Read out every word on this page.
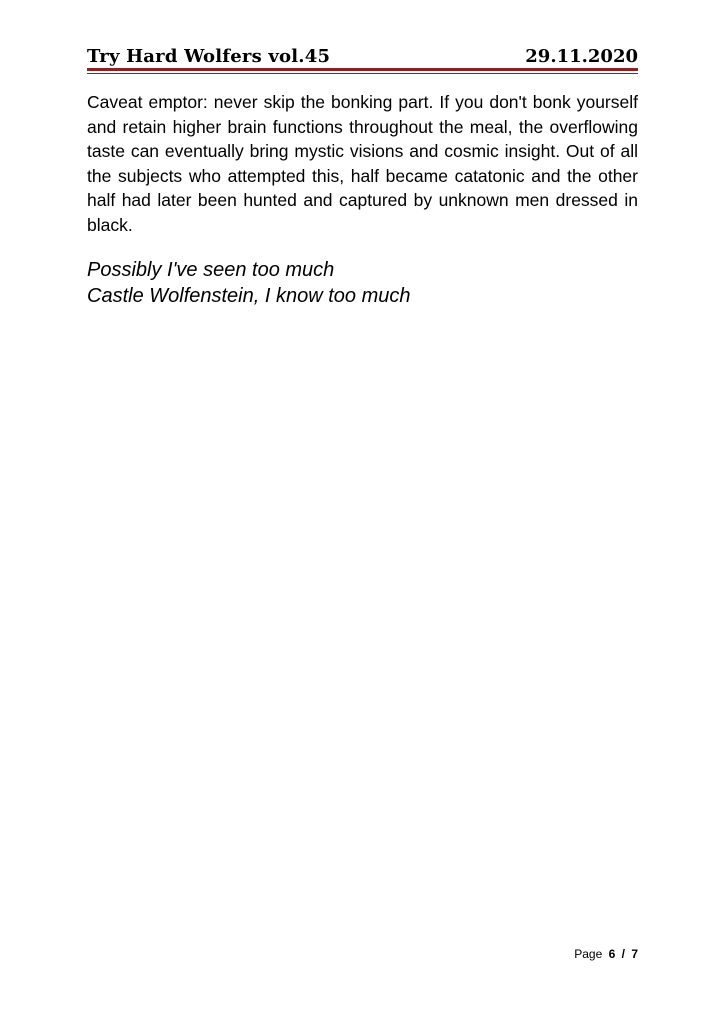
Try Hard Wolfers vol.45	29.11.2020

Caveat emptor: never skip the bonking part. If you don't bonk yourself and retain higher brain functions throughout the meal, the overflowing taste can eventually bring mystic visions and cosmic insight. Out of all the subjects who attempted this, half became catatonic and the other half had later been hunted and captured by unknown men dressed in black.

Possibly I've seen too much
Castle Wolfenstein, I know too much
Page 6 / 7
